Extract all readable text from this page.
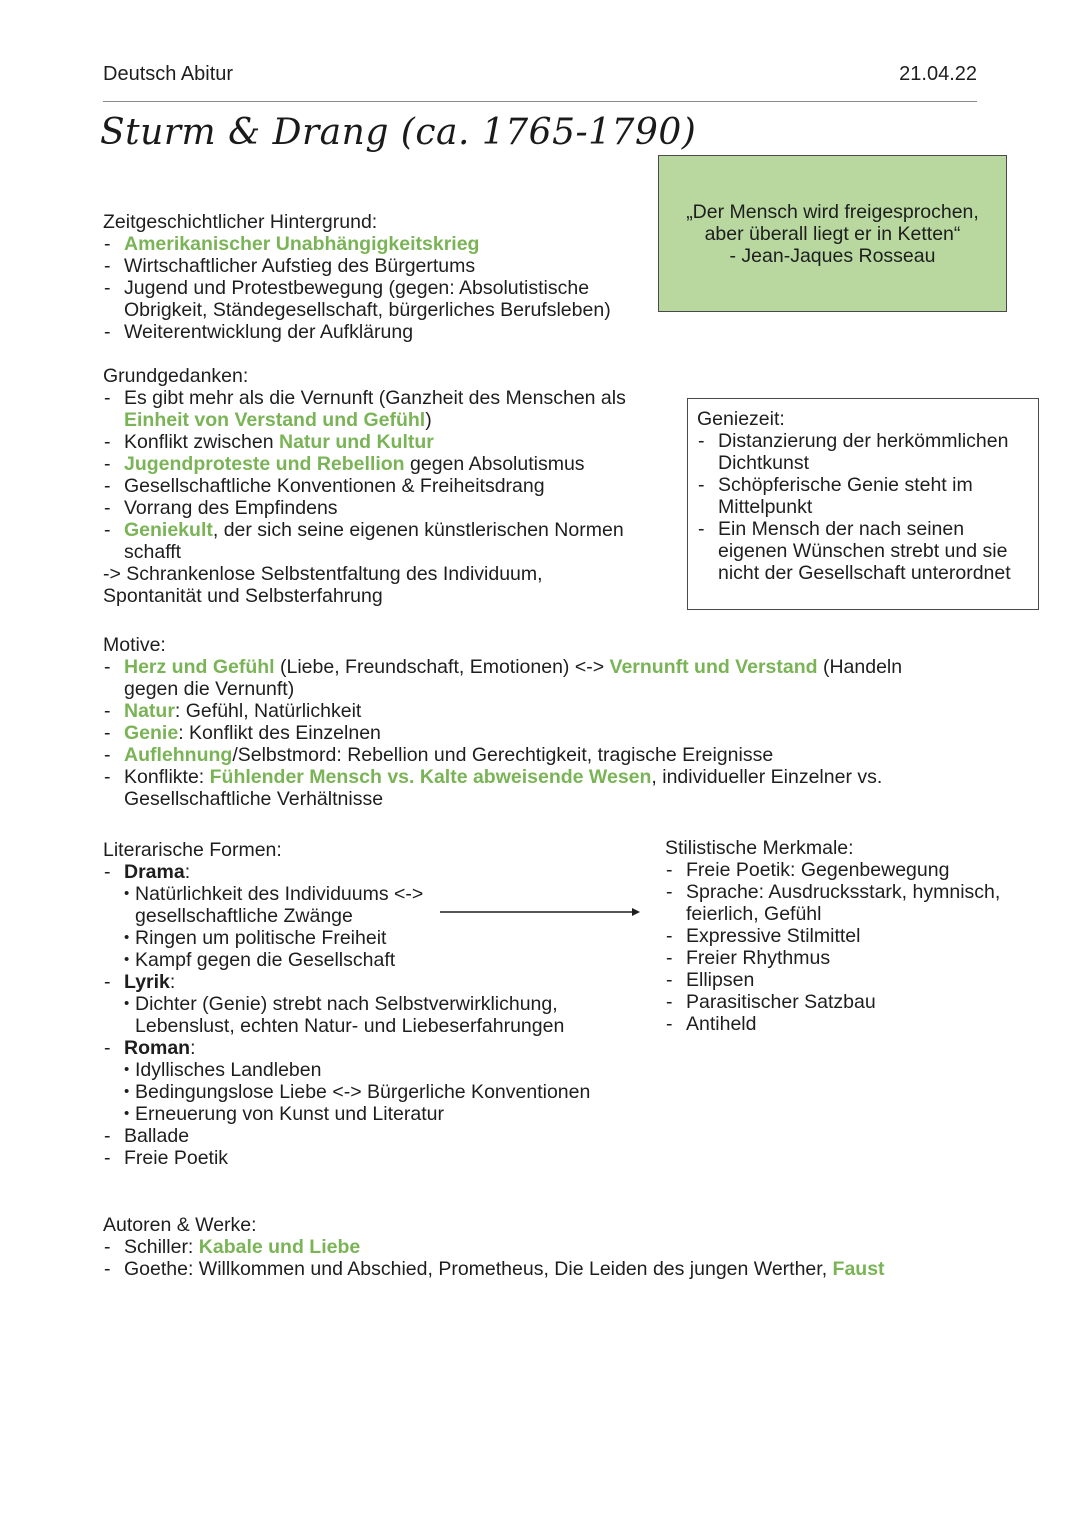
Deutsch Abitur	21.04.22
Sturm & Drang (ca. 1765-1790)
„Der Mensch wird freigesprochen,
aber überall liegt er in Ketten“
- Jean-Jaques Rosseau
Zeitgeschichtlicher Hintergrund:
- Amerikanischer Unabhängigkeitskrieg
- Wirtschaftlicher Aufstieg des Bürgertums
- Jugend und Protestbewegung (gegen: Absolutistische Obrigkeit, Ständegesellschaft, bürgerliches Berufsleben)
- Weiterentwicklung der Aufklärung
Grundgedanken:
- Es gibt mehr als die Vernunft (Ganzheit des Menschen als
Einheit von Verstand und Gefühl)
- Konflikt zwischen Natur und Kultur
- Jugendproteste und Rebellion gegen Absolutismus
- Gesellschaftliche Konventionen & Freiheitsdrang
- Vorrang des Empfindens
- Geniekult, der sich seine eigenen künstlerischen Normen schafft
-> Schrankenlose Selbstentfaltung des Individuum, Spontanität und Selbsterfahrung
Geniezeit:
- Distanzierung der herkömmlichen Dichtkunst
- Schöpferische Genie steht im Mittelpunkt
- Ein Mensch der nach seinen eigenen Wünschen strebt und sie nicht der Gesellschaft unterordnet
Motive:
- Herz und Gefühl (Liebe, Freundschaft, Emotionen) <-> Vernunft und Verstand (Handeln gegen die Vernunft)
- Natur: Gefühl, Natürlichkeit
- Genie: Konflikt des Einzelnen
- Auflehnung/Selbstmord: Rebellion und Gerechtigkeit, tragische Ereignisse
- Konflikte: Fühlender Mensch vs. Kalte abweisende Wesen, individueller Einzelner vs. Gesellschaftliche Verhältnisse
Literarische Formen:
- Drama:
• Natürlichkeit des Individuums <-> gesellschaftliche Zwänge
• Ringen um politische Freiheit
• Kampf gegen die Gesellschaft
- Lyrik:
• Dichter (Genie) strebt nach Selbstverwirklichung, Lebenslust, echten Natur- und Liebeserfahrungen
- Roman:
• Idyllisches Landleben
• Bedingungslose Liebe <-> Bürgerliche Konventionen
• Erneuerung von Kunst und Literatur
- Ballade
- Freie Poetik
Stilistische Merkmale:
- Freie Poetik: Gegenbewegung
- Sprache: Ausdrucksstark, hymnisch, feierlich, Gefühl
- Expressive Stilmittel
- Freier Rhythmus
- Ellipsen
- Parasitischer Satzbau
- Antiheld
Autoren & Werke:
- Schiller: Kabale und Liebe
- Goethe: Willkommen und Abschied, Prometheus, Die Leiden des jungen Werther, Faust
